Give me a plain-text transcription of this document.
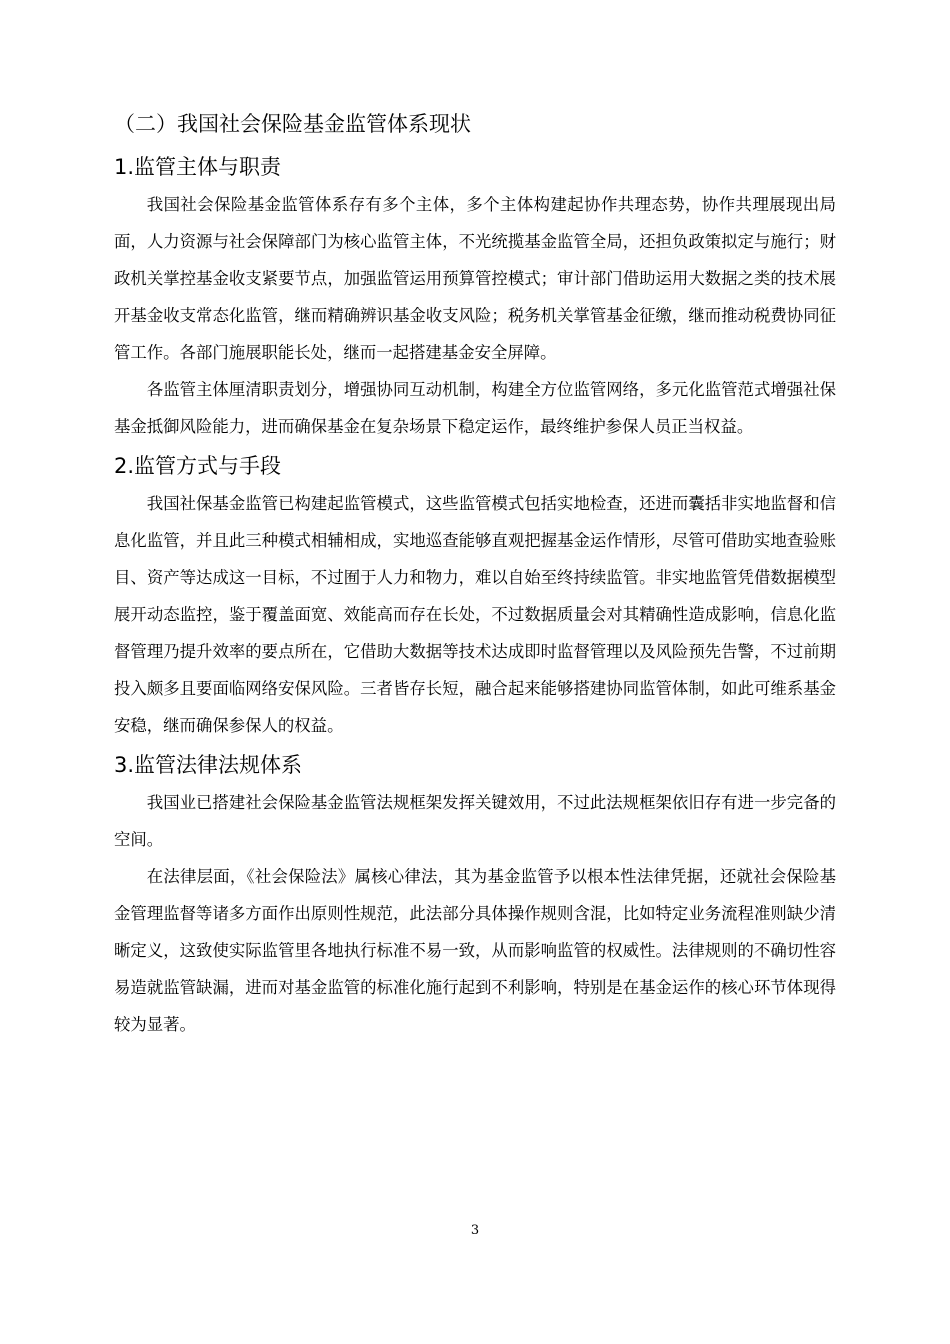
（二）我国社会保险基金监管体系现状
1.监管主体与职责

我国社会保险基金监管体系存有多个主体，多个主体构建起协作共理态势，协作共理展现出局面，人力资源与社会保障部门为核心监管主体，不光统揽基金监管全局，还担负政策拟定与施行；财政机关掌控基金收支紧要节点，加强监管运用预算管控模式；审计部门借助运用大数据之类的技术展开基金收支常态化监管，继而精确辨识基金收支风险；税务机关掌管基金征缴，继而推动税费协同征管工作。各部门施展职能长处，继而一起搭建基金安全屏障。

各监管主体厘清职责划分，增强协同互动机制，构建全方位监管网络，多元化监管范式增强社保基金抵御风险能力，进而确保基金在复杂场景下稳定运作，最终维护参保人员正当权益。

2.监管方式与手段

我国社保基金监管已构建起监管模式，这些监管模式包括实地检查，还进而囊括非实地监督和信息化监管，并且此三种模式相辅相成，实地巡查能够直观把握基金运作情形，尽管可借助实地查验账目、资产等达成这一目标，不过囿于人力和物力，难以自始至终持续监管。非实地监管凭借数据模型展开动态监控，鉴于覆盖面宽、效能高而存在长处，不过数据质量会对其精确性造成影响，信息化监督管理乃提升效率的要点所在，它借助大数据等技术达成即时监督管理以及风险预先告警，不过前期投入颇多且要面临网络安保风险。三者皆存长短，融合起来能够搭建协同监管体制，如此可维系基金安稳，继而确保参保人的权益。

3.监管法律法规体系

我国业已搭建社会保险基金监管法规框架发挥关键效用，不过此法规框架依旧存有进一步完备的空间。

在法律层面，《社会保险法》属核心律法，其为基金监管予以根本性法律凭据，还就社会保险基金管理监督等诸多方面作出原则性规范，此法部分具体操作规则含混，比如特定业务流程准则缺少清晰定义，这致使实际监管里各地执行标准不易一致，从而影响监管的权威性。法律规则的不确切性容易造就监管缺漏，进而对基金监管的标准化施行起到不利影响，特别是在基金运作的核心环节体现得较为显著。

3
